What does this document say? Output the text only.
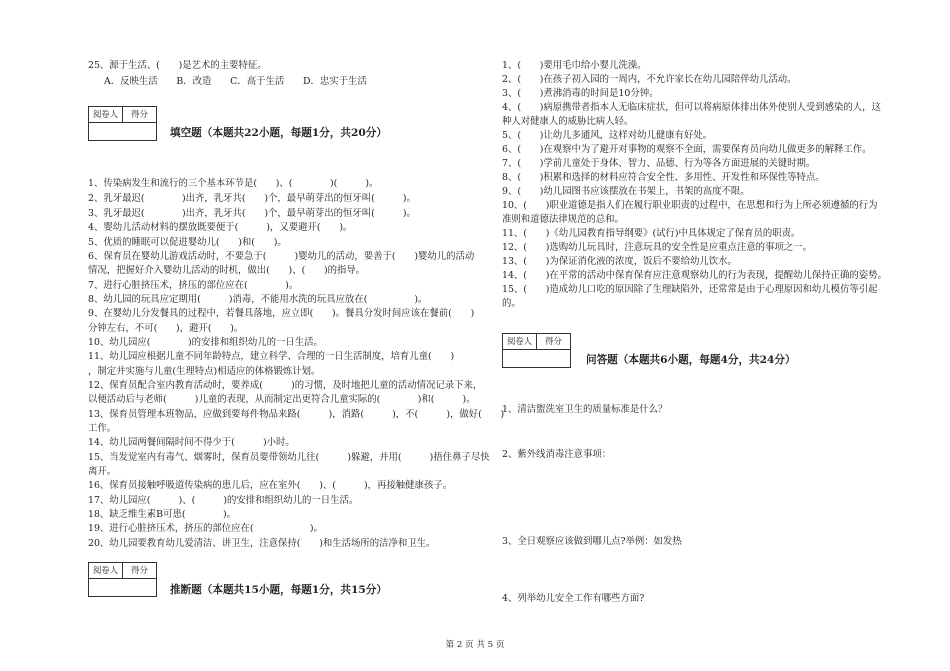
25、源于生活、(　　)是艺术的主要特征。
A．反映生活　　B．改造　　C．高于生活　　D．忠实于生活
阅卷人	得分
填空题（本题共22小题，每题1分，共20分）
1、传染病发生和流行的三个基本环节是(　　)、(　　　　)(　　　)。
2、乳牙最迟(　　　　)出齐，乳牙共(　　)个，最早萌芽出的恒牙叫(　　　)。
3、乳牙最迟(　　　　)出齐，乳牙共(　　)个，最早萌芽出的恒牙叫(　　　)。
4、婴幼儿活动材料的摆放既要便于(　　　)，又要避开(　　)。
5、优质的睡眠可以促进婴幼儿(　　)和(　　)。
6、保育员在婴幼儿游戏活动时，不要急于(　　　)婴幼儿的活动，要善于(　　)婴幼儿的活动
情况，把握好介入婴幼儿活动的时机，做出(　　)、(　　)的指导。
7、进行心脏挤压术，挤压的部位应在(　　　　)。
8、幼儿园的玩具应定期用(　　　)消毒，不能用水洗的玩具应放在(　　　　　)。
9、在婴幼儿分发餐具的过程中，若餐具落地，应立即(　　)。餐具分发时间应该在餐前(　　)
分钟左右，不可(　　)，避开(　　)。
10、幼儿园应(　　　　)的安排和组织幼儿的一日生活。
11、幼儿园应根据儿童不同年龄特点，建立科学、合理的一日生活制度，培育儿童(　　)
，制定并实施与儿童(生理特点)相适应的体格锻炼计划。
12、保育员配合室内教育活动时，要养成(　　　)的习惯，及时地把儿童的活动情况记录下来，
以便活动后与老师(　　　)儿童的表现，从而制定出更符合儿童实际的(　　　　)和(　　　)。
13、保育员管理本班物品，应做到要每件物品来路(　　　)，消路(　　　)，不(　　　)，做好(　　)
工作。
14、幼儿园两餐间隔时间不得少于(　　　)小时。
15、当发觉室内有毒气、烟雾时，保育员要带领幼儿往(　　　)躲避，并用(　　　)捂住鼻子尽快
离开。
16、保育员接触呼吸道传染病的患儿后，应在室外(　　)、(　　　)，再接触健康孩子。
17、幼儿园应(　　　)、(　　　)的安排和组织幼儿的一日生活。
18、缺乏维生素B可患(　　　　)。
19、进行心脏挤压术，挤压的部位应在(　　　　　　)。
20、幼儿园要教育幼儿爱清洁、讲卫生，注意保持(　　)和生活场所的洁净和卫生。
阅卷人	得分
推断题（本题共15小题，每题1分，共15分）
1、(　　)要用毛巾给小婴儿洗澡。
2、(　　)在孩子初入园的一周内，不允许家长在幼儿园陪伴幼儿活动。
3、(　　)煮沸消毒的时间是10分钟。
4、(　　)病原携带者指本人无临床症状，但可以将病原体排出体外使别人受到感染的人，这
种人对健康人的威胁比病人轻。
5、(　　)让幼儿多通风，这样对幼儿健康有好处。
6、(　　)在观察中为了避开对事物的观察不全面，需要保育员向幼儿做更多的解释工作。
7、(　　)学前儿童处于身体、智力、品德、行为等各方面进展的关键时期。
8、(　　)积累和选择的材料应符合安全性、多用性、开发性和环保性等特点。
9、(　　)幼儿园图书应该摆放在书架上，书架的高度不限。
10、(　　)职业道德是指人们在履行职业职责的过程中，在思想和行为上所必须遵循的行为
准则和道德法律规范的总和。
11、(　　)《幼儿园教育指导纲要》(试行)中具体规定了保育员的职责。
12、(　　)选购幼儿玩具时，注意玩具的安全性是应重点注意的事项之一。
13、(　　)为保证消化液的浓度，饭后不要给幼儿饮水。
14、(　　)在平常的活动中保育保育应注意观察幼儿的行为表现，提醒幼儿保持正确的姿势。
15、(　　)造成幼儿口吃的原因除了生理缺陷外，还常常是由于心理原因和幼儿模仿等引起
的。
阅卷人	得分
问答题（本题共6小题，每题4分，共24分）
1、清洁盥洗室卫生的质量标准是什么？
2、紫外线消毒注意事项：
3、全日观察应该做到哪儿点?举例：如发热
4、列举幼儿安全工作有哪些方面?
第 2 页 共 5 页
